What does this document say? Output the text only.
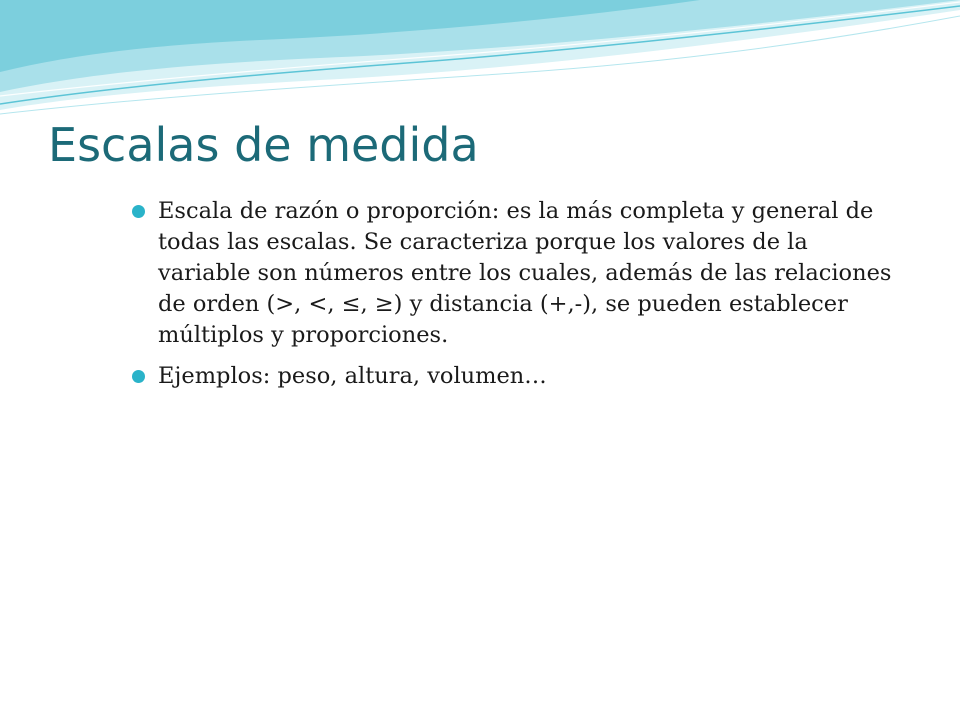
Escalas de medida
Escala de razón o proporción: es la más completa y general de todas las escalas. Se caracteriza porque los valores de la variable son números entre los cuales, además de las relaciones de orden (>, <, ≤, ≥) y distancia (+,-), se pueden establecer múltiplos y proporciones.
Ejemplos: peso, altura, volumen…
